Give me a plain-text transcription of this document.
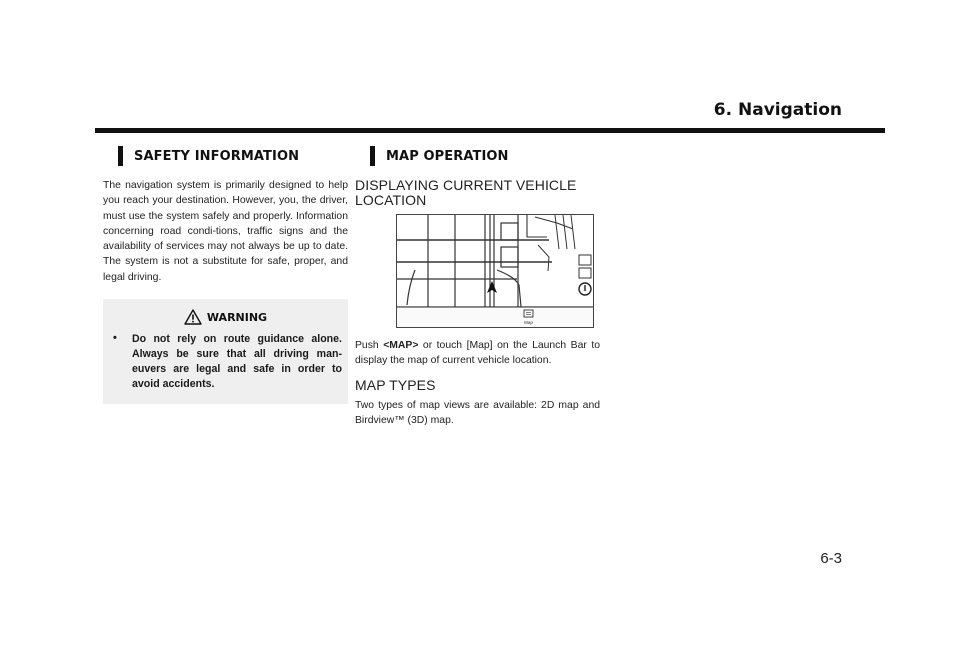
6. Navigation
SAFETY INFORMATION
The navigation system is primarily designed to help you reach your destination. However, you, the driver, must use the system safely and properly. Information concerning road condi-tions, traffic signs and the availability of services may not always be up to date. The system is not a substitute for safe, proper, and legal driving.
WARNING
•	Do not rely on route guidance alone. Always be sure that all driving man-euvers are legal and safe in order to avoid accidents.
MAP OPERATION
DISPLAYING CURRENT VEHICLE LOCATION
Map
Push <MAP> or touch [Map] on the Launch Bar to display the map of current vehicle location.
MAP TYPES
Two types of map views are available: 2D map and Birdview™ (3D) map.
6-3
